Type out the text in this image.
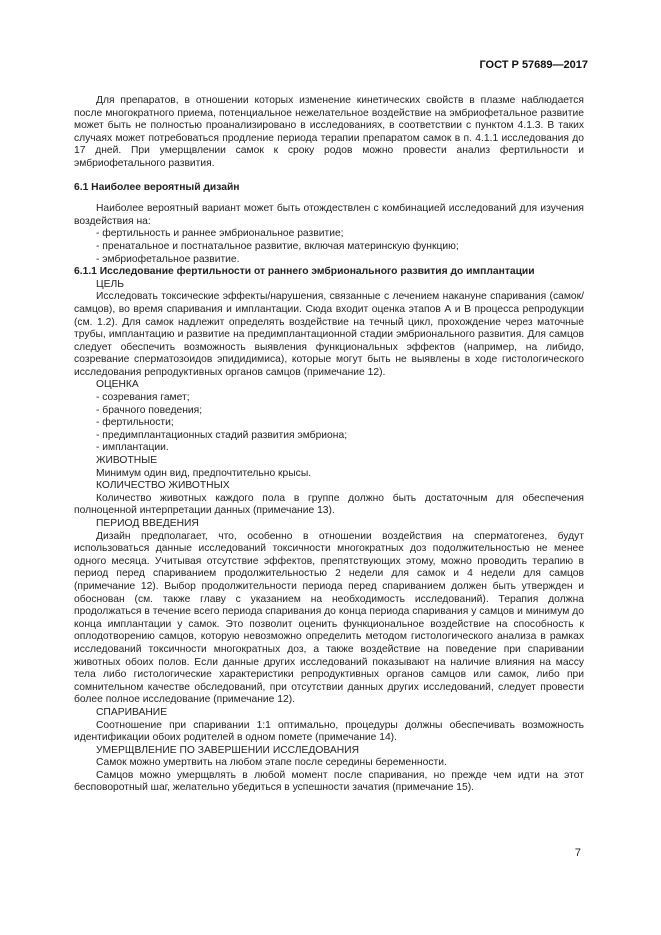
ГОСТ Р 57689—2017

Для препаратов, в отношении которых изменение кинетических свойств в плазме наблюдается после многократного приема, потенциальное нежелательное воздействие на эмбриофетальное развитие может быть не полностью проанализировано в исследованиях, в соответствии с пунктом 4.1.3. В таких случаях может потребоваться продление периода терапии препаратом самок в п. 4.1.1 исследования до 17 дней. При умерщвлении самок к сроку родов можно провести анализ фертильности и эмбриофетального развития.

6.1 Наиболее вероятный дизайн

Наиболее вероятный вариант может быть отождествлен с комбинацией исследований для изучения воздействия на:

- фертильность и раннее эмбриональное развитие;

- пренатальное и постнатальное развитие, включая материнскую функцию;

- эмбриофетальное развитие.

6.1.1 Исследование фертильности от раннего эмбрионального развития до имплантации

ЦЕЛЬ

Исследовать токсические эффекты/нарушения, связанные с лечением накануне спаривания (самок/самцов), во время спаривания и имплантации. Сюда входит оценка этапов А и В процесса репродукции (см. 1.2). Для самок надлежит определять воздействие на течный цикл, прохождение через маточные трубы, имплантацию и развитие на предимплантационной стадии эмбрионального развития. Для самцов следует обеспечить возможность выявления функциональных эффектов (например, на либидо, созревание сперматозоидов эпидидимиса), которые могут быть не выявлены в ходе гистологического исследования репродуктивных органов самцов (примечание 12).

ОЦЕНКА

- созревания гамет;

- брачного поведения;

- фертильности;

- предимплантационных стадий развития эмбриона;

- имплантации.

ЖИВОТНЫЕ

Минимум один вид, предпочтительно крысы.

КОЛИЧЕСТВО ЖИВОТНЫХ

Количество животных каждого пола в группе должно быть достаточным для обеспечения полноценной интерпретации данных (примечание 13).

ПЕРИОД ВВЕДЕНИЯ

Дизайн предполагает, что, особенно в отношении воздействия на сперматогенез, будут использоваться данные исследований токсичности многократных доз подолжительностью не менее одного месяца. Учитывая отсутствие эффектов, препятствующих этому, можно проводить терапию в период перед спариванием продолжительностью 2 недели для самок и 4 недели для самцов (примечание 12). Выбор продолжительности периода перед спариванием должен быть утвержден и обоснован (см. также главу с указанием на необходимость исследований). Терапия должна продолжаться в течение всего периода спаривания до конца периода спаривания у самцов и минимум до конца имплантации у самок. Это позволит оценить функциональное воздействие на способность к оплодотворению самцов, которую невозможно определить методом гистологического анализа в рамках исследований токсичности многократных доз, а также воздействие на поведение при спаривании животных обоих полов. Если данные других исследований показывают на наличие влияния на массу тела либо гистологические характеристики репродуктивных органов самцов или самок, либо при сомнительном качестве обследований, при отсутствии данных других исследований, следует провести более полное исследование (примечание 12).

СПАРИВАНИЕ

Соотношение при спаривании 1:1 оптимально, процедуры должны обеспечивать возможность идентификации обоих родителей в одном помете (примечание 14).

УМЕРЩВЛЕНИЕ ПО ЗАВЕРШЕНИИ ИССЛЕДОВАНИЯ

Самок можно умертвить на любом этапе после середины беременности.

Самцов можно умерщвлять в любой момент после спаривания, но прежде чем идти на этот бесповоротный шаг, желательно убедиться в успешности зачатия (примечание 15).

7
